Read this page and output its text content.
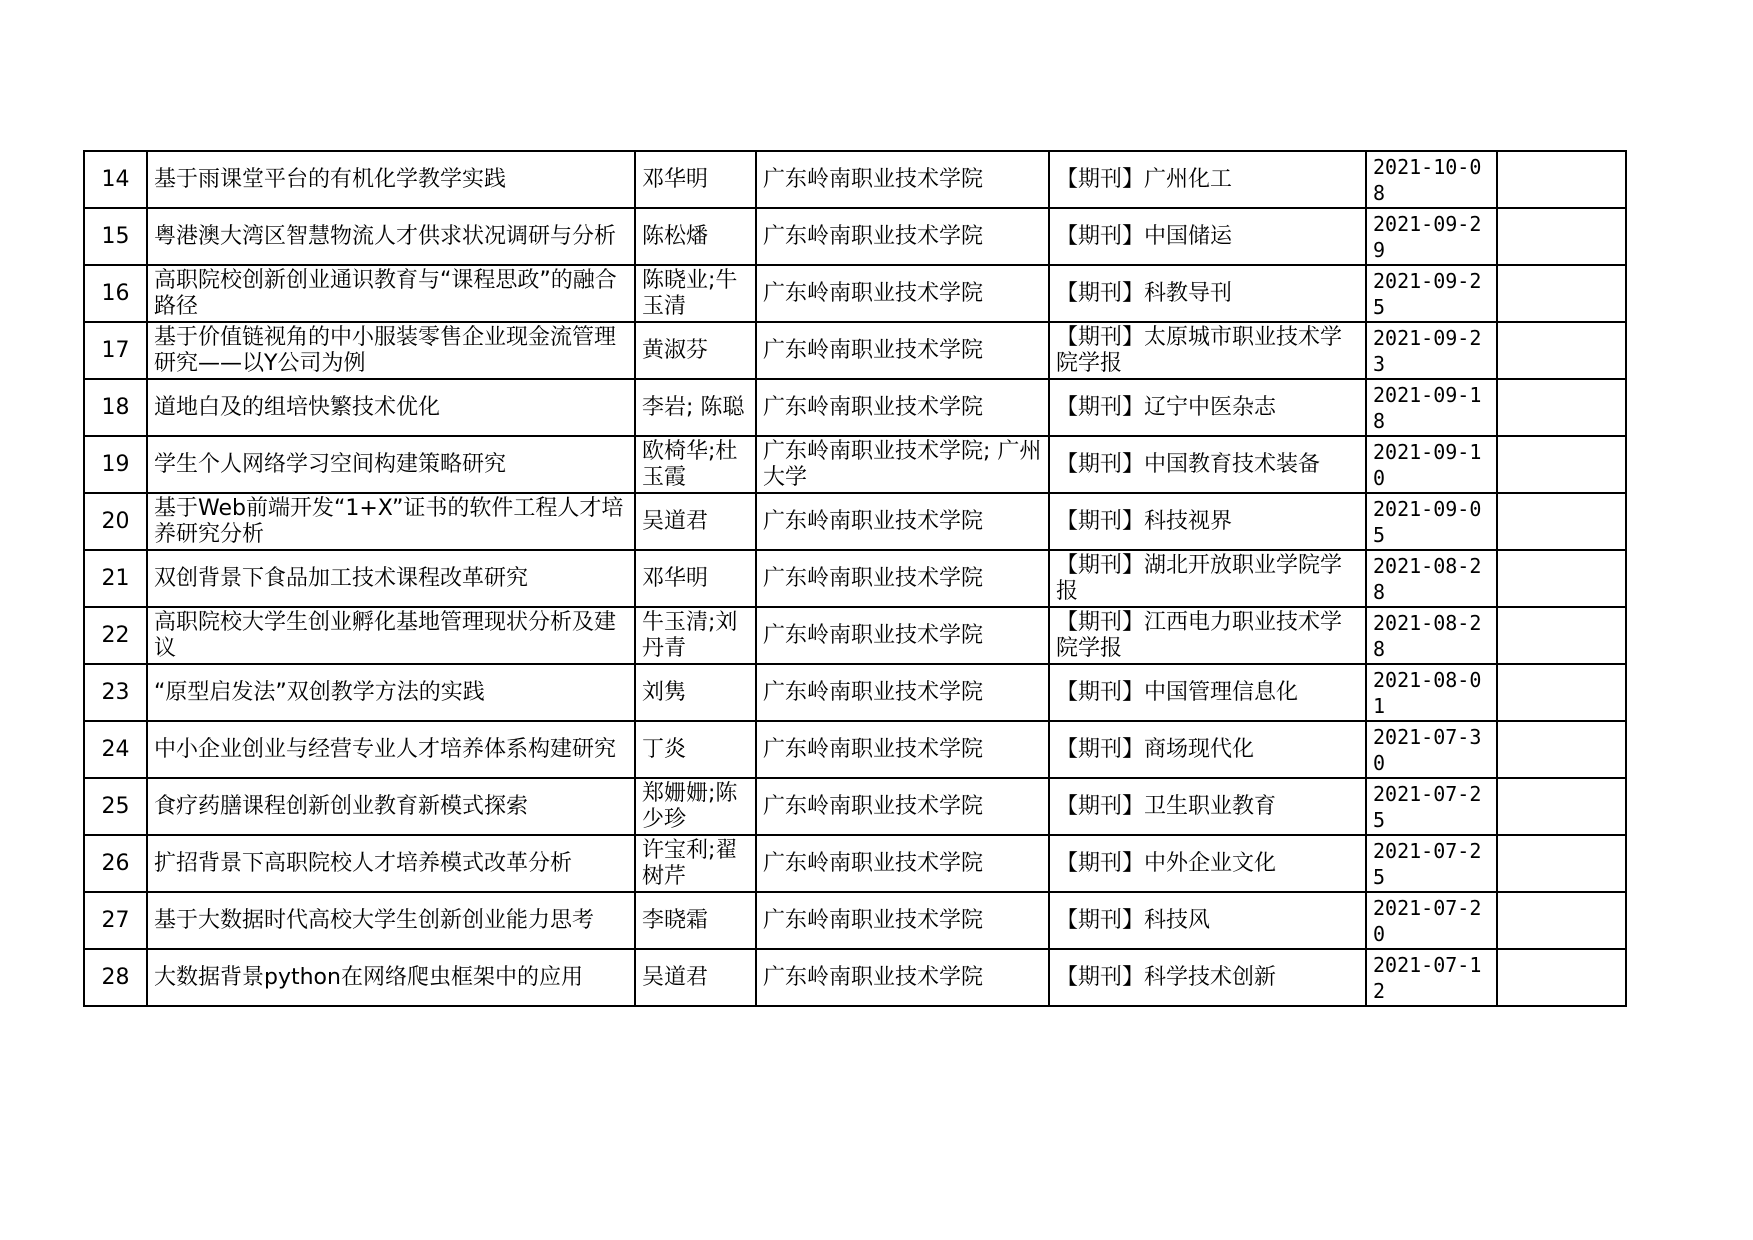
14	基于雨课堂平台的有机化学教学实践	邓华明	广东岭南职业技术学院	【期刊】广州化工	2021-10-08	
15	粤港澳大湾区智慧物流人才供求状况调研与分析	陈松燔	广东岭南职业技术学院	【期刊】中国储运	2021-09-29	
16	高职院校创新创业通识教育与“课程思政”的融合路径	陈晓业;牛玉清	广东岭南职业技术学院	【期刊】科教导刊	2021-09-25	
17	基于价值链视角的中小服装零售企业现金流管理研究——以Y公司为例	黄淑芬	广东岭南职业技术学院	【期刊】太原城市职业技术学院学报	2021-09-23	
18	道地白及的组培快繁技术优化	李岩; 陈聪	广东岭南职业技术学院	【期刊】辽宁中医杂志	2021-09-18	
19	学生个人网络学习空间构建策略研究	欧椅华;杜玉霞	广东岭南职业技术学院; 广州大学	【期刊】中国教育技术装备	2021-09-10	
20	基于Web前端开发“1+X”证书的软件工程人才培养研究分析	吴道君	广东岭南职业技术学院	【期刊】科技视界	2021-09-05	
21	双创背景下食品加工技术课程改革研究	邓华明	广东岭南职业技术学院	【期刊】湖北开放职业学院学报	2021-08-28	
22	高职院校大学生创业孵化基地管理现状分析及建议	牛玉清;刘丹青	广东岭南职业技术学院	【期刊】江西电力职业技术学院学报	2021-08-28	
23	“原型启发法”双创教学方法的实践	刘隽	广东岭南职业技术学院	【期刊】中国管理信息化	2021-08-01	
24	中小企业创业与经营专业人才培养体系构建研究	丁炎	广东岭南职业技术学院	【期刊】商场现代化	2021-07-30	
25	食疗药膳课程创新创业教育新模式探索	郑姗姗;陈少珍	广东岭南职业技术学院	【期刊】卫生职业教育	2021-07-25	
26	扩招背景下高职院校人才培养模式改革分析	许宝利;翟树芹	广东岭南职业技术学院	【期刊】中外企业文化	2021-07-25	
27	基于大数据时代高校大学生创新创业能力思考	李晓霜	广东岭南职业技术学院	【期刊】科技风	2021-07-20	
28	大数据背景python在网络爬虫框架中的应用	吴道君	广东岭南职业技术学院	【期刊】科学技术创新	2021-07-12	
